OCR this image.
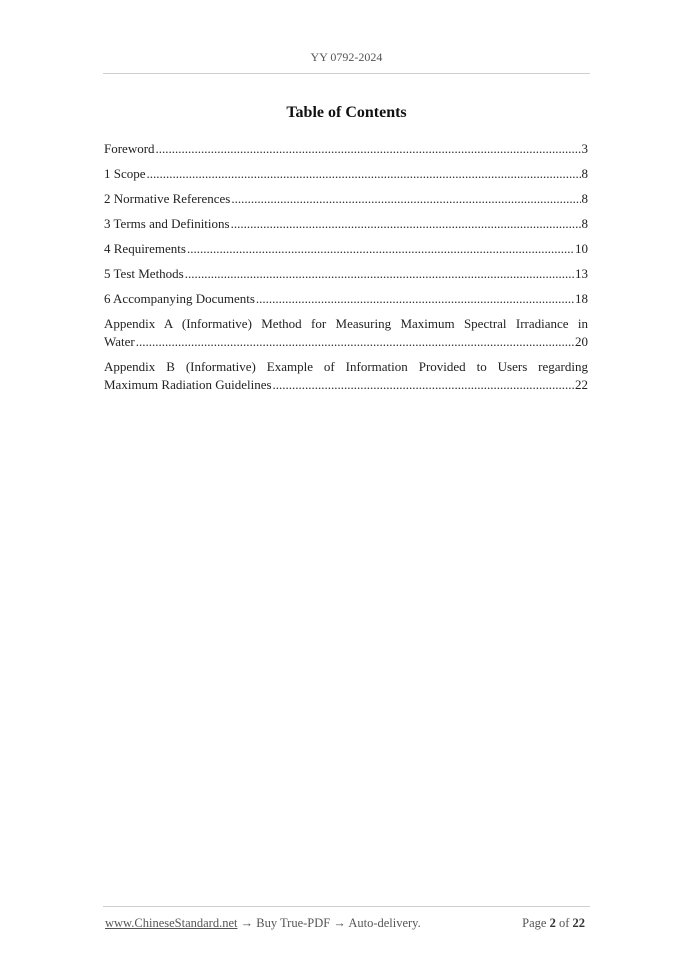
YY 0792-2024
Table of Contents
Foreword .....	3
1 Scope .....	8
2 Normative References .....	8
3 Terms and Definitions .....	8
4 Requirements .....	10
5 Test Methods .....	13
6 Accompanying Documents .....	18
Appendix A (Informative) Method for Measuring Maximum Spectral Irradiance in
Water .....	20
Appendix B (Informative) Example of Information Provided to Users regarding
Maximum Radiation Guidelines .....	22
www.ChineseStandard.net → Buy True-PDF → Auto-delivery.	Page 2 of 22
